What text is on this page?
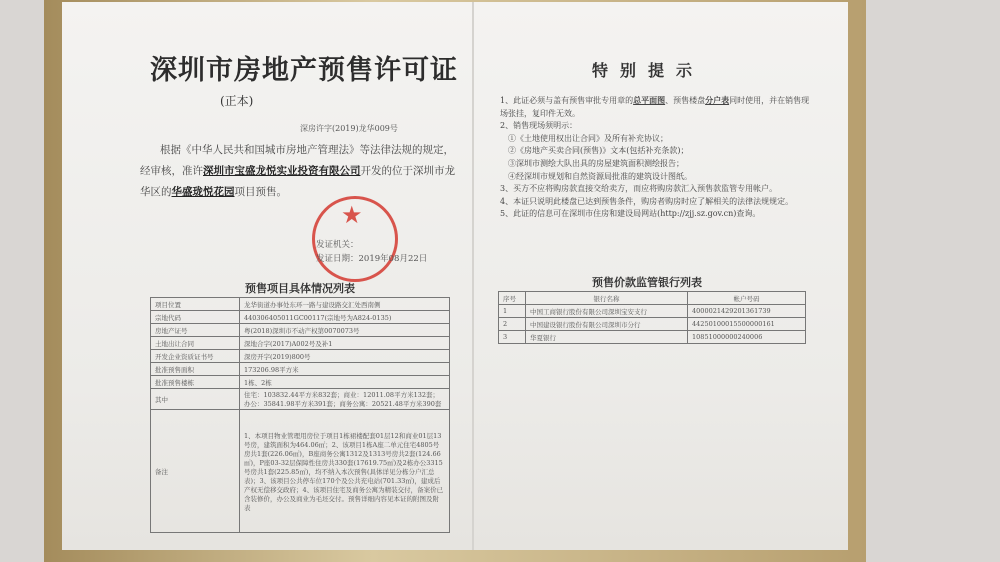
深圳市房地产预售许可证
(正本)
深房许字(2019)龙华009号
根据《中华人民共和国城市房地产管理法》等法律法规的规定，经审核，准许深圳市宝盛龙悦实业投资有限公司开发的位于深圳市龙华区的华盛珑悦花园项目预售。
★
发证机关：
发证日期：2019年08月22日
预售项目具体情况列表
项目位置	龙华街道办事处东环一路与建设路交汇处西南侧
宗地代码	440306405011GC00117(宗地号为A824-0135)
房地产证号	粤(2018)深圳市不动产权第0070073号
土地出让合同	深地合字(2017)A002号及补1
开发企业资质证书号	深房开字(2019)800号
批准预售面积	173206.98平方米
批准预售楼栋	1栋、2栋
其中	住宅：103832.44平方米832套；商业：12011.08平方米132套；办公：35841.98平方米391套；商务公寓：20521.48平方米390套
备注	1、本项目物业管理用房位于项目1栋裙楼配套01层12和商业01层13号房，建筑面积为464.06㎡；2、该项目1栋A座二单元住宅4805号房共1套(226.06㎡)，B座商务公寓1312及1313号房共2套(124.66㎡)，P座03-32层保障性住房共330套(17619.75㎡)及2栋办公3315号房共1套(225.85㎡)，均不纳入本次预售(具体详见分栋分户汇总表)；3、该项目公共停车位170个及公共充电站(701.33㎡)，建成后产权无偿移交政府；4、该项目住宅及商务公寓为精装交付，备案价已含装修价，办公及商业为毛坯交付。预售详细内容见本证的附图及附表
特别提示
1、此证必须与盖有预售审批专用章的总平面图、预售楼盘分户表同时使用，并在销售现场张挂，复印件无效。
2、销售现场须明示：
①《土地使用权出让合同》及所有补充协议；
②《房地产买卖合同(预售)》文本(包括补充条款)；
③深圳市测绘大队出具的房屋建筑面积测绘报告；
④经深圳市规划和自然资源局批准的建筑设计图纸。
3、买方不应将购房款直接交给卖方，而应将购房款汇入预售款监管专用帐户。
4、本证只说明此楼盘已达到预售条件，购房者购房时应了解相关的法律法规规定。
5、此证的信息可在深圳市住房和建设局网站(http://zjj.sz.gov.cn)查询。
预售价款监管银行列表
序号	银行名称	帐户号码
1	中国工商银行股份有限公司深圳宝安支行	4000021429201361739
2	中国建设银行股份有限公司深圳市分行	44250100015500000161
3	华夏银行	10851000000240006
